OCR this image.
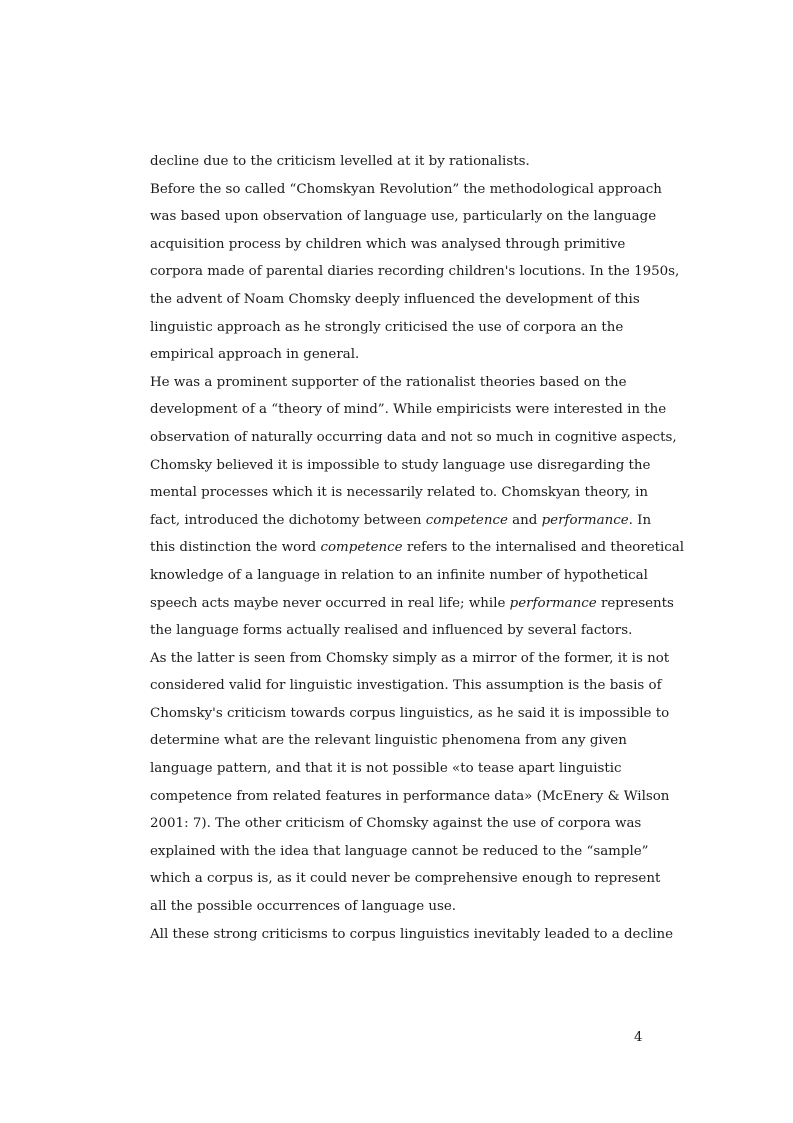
decline due to the criticism levelled at it by rationalists.
Before the so called “Chomskyan Revolution” the methodological approach
was based upon observation of language use, particularly on the language
acquisition process by children which was analysed through primitive
corpora made of parental diaries recording children's locutions. In the 1950s,
the advent of Noam Chomsky deeply influenced the development of this
linguistic approach as he strongly criticised the use of corpora an the
empirical approach in general.
He was a prominent supporter of the rationalist theories based on the
development of a “theory of mind”. While empiricists were interested in the
observation of naturally occurring data and not so much in cognitive aspects,
Chomsky believed it is impossible to study language use disregarding the
mental processes which it is necessarily related to. Chomskyan theory, in
fact, introduced the dichotomy between competence and performance. In
this distinction the word competence refers to the internalised and theoretical
knowledge of a language in relation to an infinite number of hypothetical
speech acts maybe never occurred in real life; while performance represents
the language forms actually realised and influenced by several factors.
As the latter is seen from Chomsky simply as a mirror of the former, it is not
considered valid for linguistic investigation. This assumption is the basis of
Chomsky's criticism towards corpus linguistics, as he said it is impossible to
determine what are the relevant linguistic phenomena from any given
language pattern, and that it is not possible «to tease apart linguistic
competence from related features in performance data» (McEnery & Wilson
2001: 7). The other criticism of Chomsky against the use of corpora was
explained with the idea that language cannot be reduced to the “sample”
which a corpus is, as it could never be comprehensive enough to represent
all the possible occurrences of language use.
All these strong criticisms to corpus linguistics inevitably leaded to a decline
4
